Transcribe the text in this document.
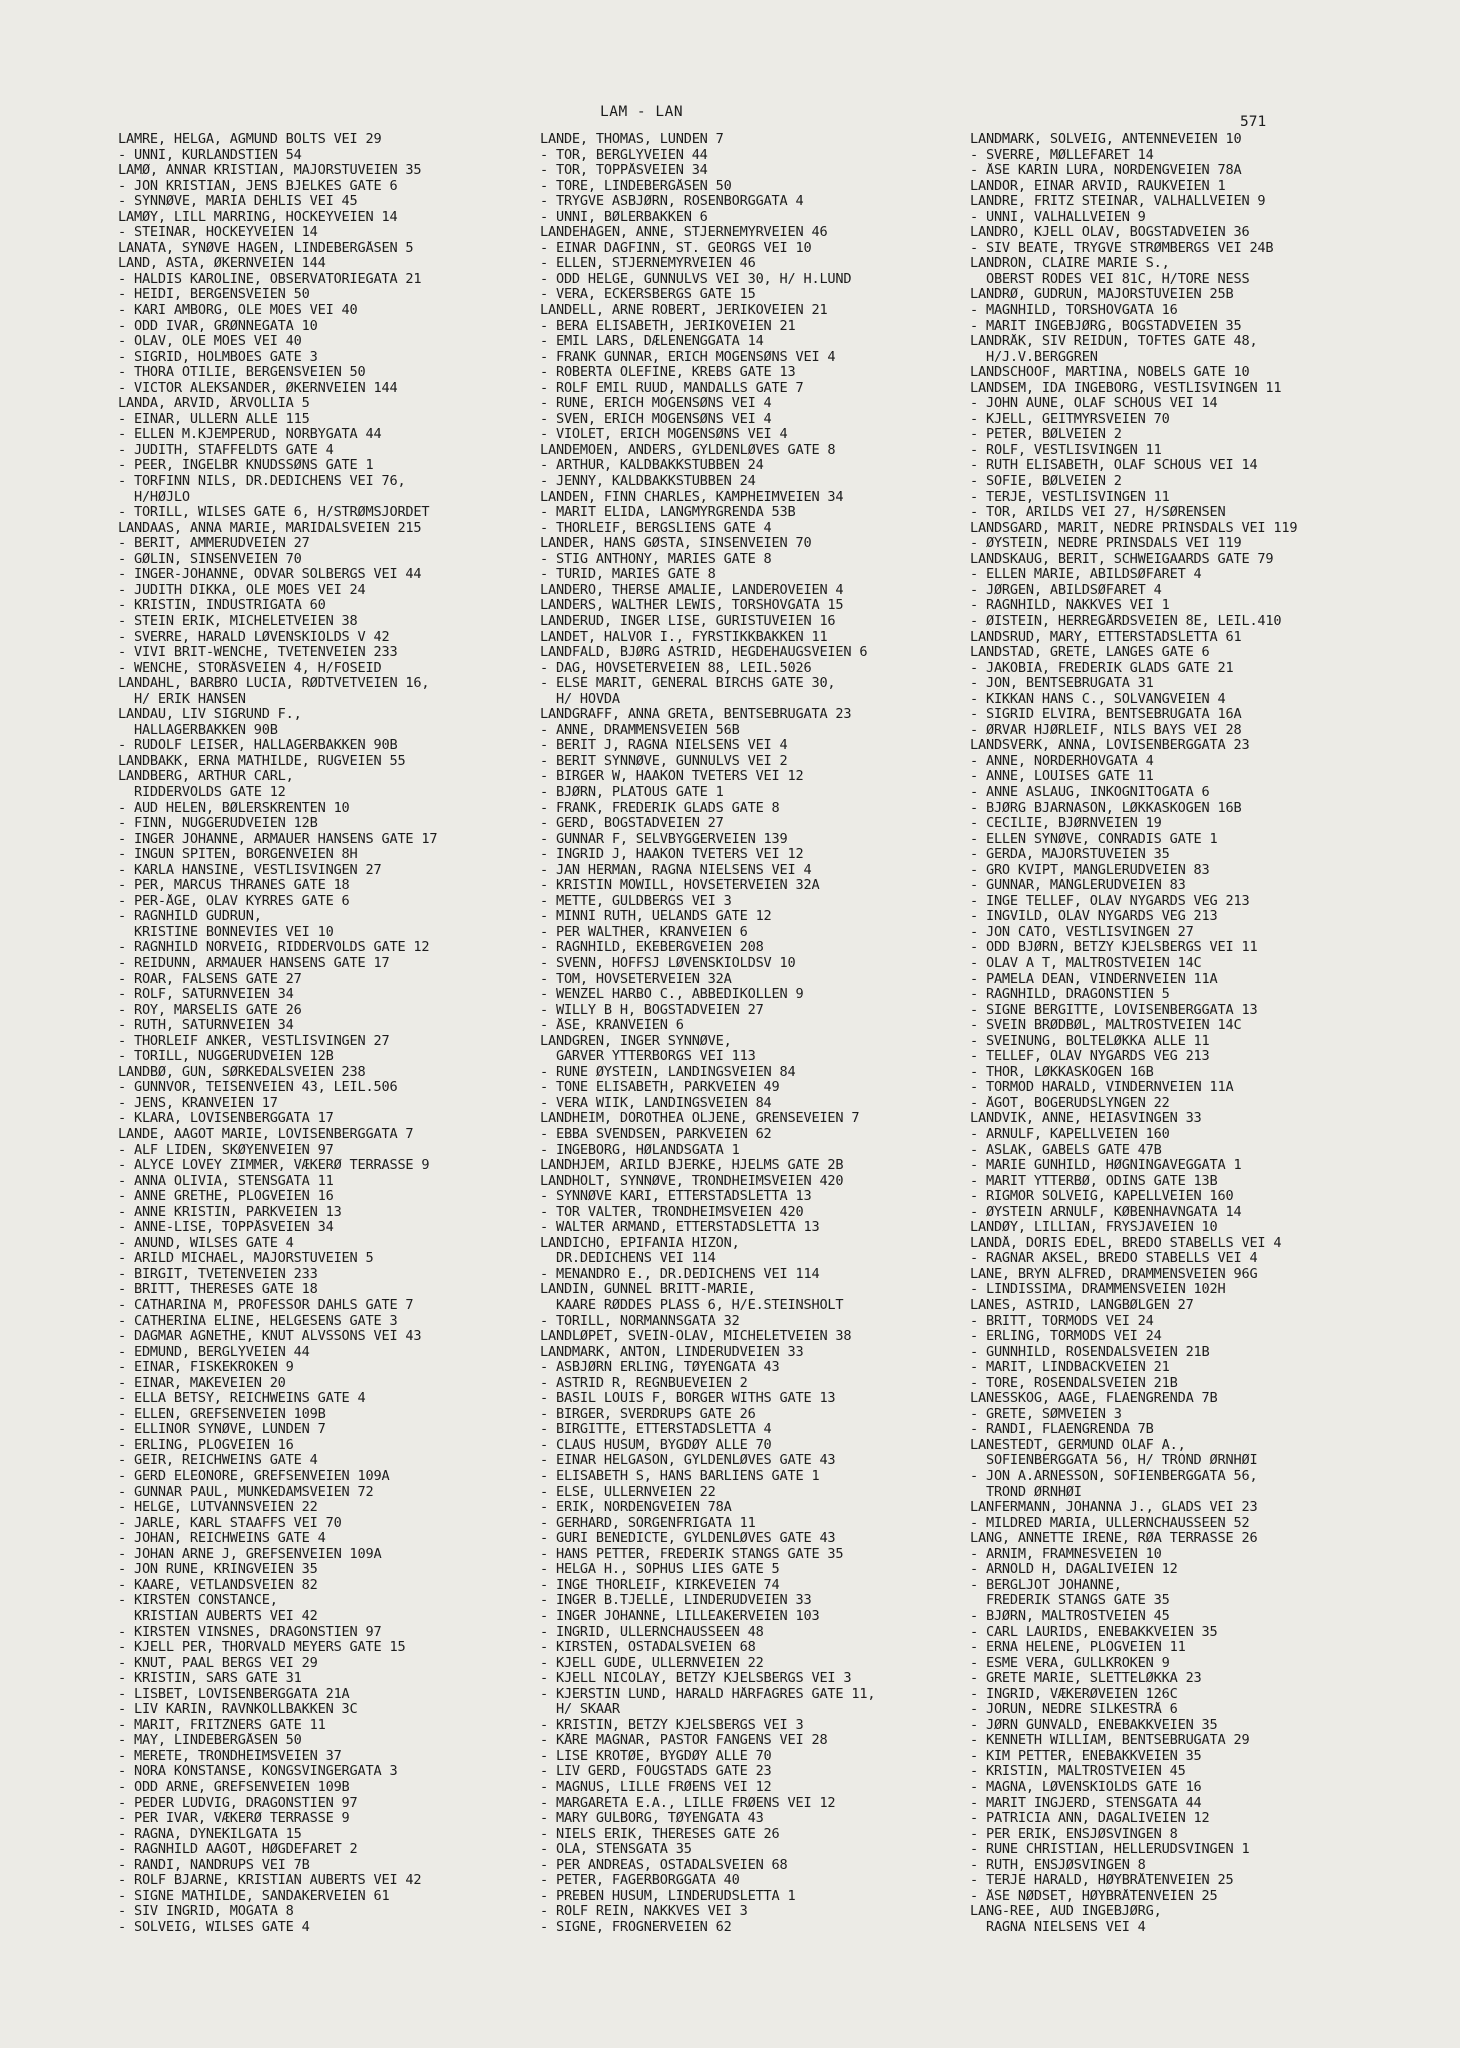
LAM - LAN
571
LAMRE, HELGA, AGMUND BOLTS VEI 29
- UNNI, KURLANDSTIEN 54
LAMØ, ANNAR KRISTIAN, MAJORSTUVEIEN 35
- JON KRISTIAN, JENS BJELKES GATE 6
- SYNNØVE, MARIA DEHLIS VEI 45
LAMØY, LILL MARRING, HOCKEYVEIEN 14
- STEINAR, HOCKEYVEIEN 14
LANATA, SYNØVE HAGEN, LINDEBERGÅSEN 5
LAND, ASTA, ØKERNVEIEN 144
- HALDIS KAROLINE, OBSERVATORIEGATA 21
- HEIDI, BERGENSVEIEN 50
- KARI AMBORG, OLE MOES VEI 40
- ODD IVAR, GRØNNEGATA 10
- OLAV, OLE MOES VEI 40
- SIGRID, HOLMBOES GATE 3
- THORA OTILIE, BERGENSVEIEN 50
- VICTOR ALEKSANDER, ØKERNVEIEN 144
LANDA, ARVID, ÅRVOLLIA 5
- EINAR, ULLERN ALLE 115
- ELLEN M.KJEMPERUD, NORBYGATA 44
- JUDITH, STAFFELDTS GATE 4
- PEER, INGELBR KNUDSSØNS GATE 1
- TORFINN NILS, DR.DEDICHENS VEI 76,
H/HØJLO
- TORILL, WILSES GATE 6, H/STRØMSJORDET
LANDAAS, ANNA MARIE, MARIDALSVEIEN 215
- BERIT, AMMERUDVEIEN 27
- GØLIN, SINSENVEIEN 70
- INGER-JOHANNE, ODVAR SOLBERGS VEI 44
- JUDITH DIKKA, OLE MOES VEI 24
- KRISTIN, INDUSTRIGATA 60
- STEIN ERIK, MICHELETVEIEN 38
- SVERRE, HARALD LØVENSKIOLDS V 42
- VIVI BRIT-WENCHE, TVETENVEIEN 233
- WENCHE, STORÅSVEIEN 4, H/FOSEID
LANDAHL, BARBRO LUCIA, RØDTVETVEIEN 16,
H/ ERIK HANSEN
LANDAU, LIV SIGRUND F.,
HALLAGERBAKKEN 90B
- RUDOLF LEISER, HALLAGERBAKKEN 90B
LANDBAKK, ERNA MATHILDE, RUGVEIEN 55
LANDBERG, ARTHUR CARL,
RIDDERVOLDS GATE 12
- AUD HELEN, BØLERSKRENTEN 10
- FINN, NUGGERUDVEIEN 12B
- INGER JOHANNE, ARMAUER HANSENS GATE 17
- INGUN SPITEN, BORGENVEIEN 8H
- KARLA HANSINE, VESTLISVINGEN 27
- PER, MARCUS THRANES GATE 18
- PER-ÅGE, OLAV KYRRES GATE 6
- RAGNHILD GUDRUN,
KRISTINE BONNEVIES VEI 10
- RAGNHILD NORVEIG, RIDDERVOLDS GATE 12
- REIDUNN, ARMAUER HANSENS GATE 17
- ROAR, FALSENS GATE 27
- ROLF, SATURNVEIEN 34
- ROY, MARSELIS GATE 26
- RUTH, SATURNVEIEN 34
- THORLEIF ANKER, VESTLISVINGEN 27
- TORILL, NUGGERUDVEIEN 12B
LANDBØ, GUN, SØRKEDALSVEIEN 238
- GUNNVOR, TEISENVEIEN 43, LEIL.506
- JENS, KRANVEIEN 17
- KLARA, LOVISENBERGGATA 17
LANDE, AAGOT MARIE, LOVISENBERGGATA 7
- ALF LIDEN, SKØYENVEIEN 97
- ALYCE LOVEY ZIMMER, VÆKERØ TERRASSE 9
- ANNA OLIVIA, STENSGATA 11
- ANNE GRETHE, PLOGVEIEN 16
- ANNE KRISTIN, PARKVEIEN 13
- ANNE-LISE, TOPPÅSVEIEN 34
- ANUND, WILSES GATE 4
- ARILD MICHAEL, MAJORSTUVEIEN 5
- BIRGIT, TVETENVEIEN 233
- BRITT, THERESES GATE 18
- CATHARINA M, PROFESSOR DAHLS GATE 7
- CATHERINA ELINE, HELGESENS GATE 3
- DAGMAR AGNETHE, KNUT ALVSSONS VEI 43
- EDMUND, BERGLYVEIEN 44
- EINAR, FISKEKROKEN 9
- EINAR, MAKEVEIEN 20
- ELLA BETSY, REICHWEINS GATE 4
- ELLEN, GREFSENVEIEN 109B
- ELLINOR SYNØVE, LUNDEN 7
- ERLING, PLOGVEIEN 16
- GEIR, REICHWEINS GATE 4
- GERD ELEONORE, GREFSENVEIEN 109A
- GUNNAR PAUL, MUNKEDAMSVEIEN 72
- HELGE, LUTVANNSVEIEN 22
- JARLE, KARL STAAFFS VEI 70
- JOHAN, REICHWEINS GATE 4
- JOHAN ARNE J, GREFSENVEIEN 109A
- JON RUNE, KRINGVEIEN 35
- KAARE, VETLANDSVEIEN 82
- KIRSTEN CONSTANCE,
KRISTIAN AUBERTS VEI 42
- KIRSTEN VINSNES, DRAGONSTIEN 97
- KJELL PER, THORVALD MEYERS GATE 15
- KNUT, PAAL BERGS VEI 29
- KRISTIN, SARS GATE 31
- LISBET, LOVISENBERGGATA 21A
- LIV KARIN, RAVNKOLLBAKKEN 3C
- MARIT, FRITZNERS GATE 11
- MAY, LINDEBERGÅSEN 50
- MERETE, TRONDHEIMSVEIEN 37
- NORA KONSTANSE, KONGSVINGERGATA 3
- ODD ARNE, GREFSENVEIEN 109B
- PEDER LUDVIG, DRAGONSTIEN 97
- PER IVAR, VÆKERØ TERRASSE 9
- RAGNA, DYNEKILGATA 15
- RAGNHILD AAGOT, HØGDEFARET 2
- RANDI, NANDRUPS VEI 7B
- ROLF BJARNE, KRISTIAN AUBERTS VEI 42
- SIGNE MATHILDE, SANDAKERVEIEN 61
- SIV INGRID, MOGATA 8
- SOLVEIG, WILSES GATE 4
LANDE, THOMAS, LUNDEN 7
- TOR, BERGLYVEIEN 44
- TOR, TOPPÅSVEIEN 34
- TORE, LINDEBERGÅSEN 50
- TRYGVE ASBJØRN, ROSENBORGGATA 4
- UNNI, BØLERBAKKEN 6
LANDEHAGEN, ANNE, STJERNEMYRVEIEN 46
- EINAR DAGFINN, ST. GEORGS VEI 10
- ELLEN, STJERNEMYRVEIEN 46
- ODD HELGE, GUNNULVS VEI 30, H/ H.LUND
- VERA, ECKERSBERGS GATE 15
LANDELL, ARNE ROBERT, JERIKOVEIEN 21
- BERA ELISABETH, JERIKOVEIEN 21
- EMIL LARS, DÆLENENGGATA 14
- FRANK GUNNAR, ERICH MOGENSØNS VEI 4
- ROBERTA OLEFINE, KREBS GATE 13
- ROLF EMIL RUUD, MANDALLS GATE 7
- RUNE, ERICH MOGENSØNS VEI 4
- SVEN, ERICH MOGENSØNS VEI 4
- VIOLET, ERICH MOGENSØNS VEI 4
LANDEMOEN, ANDERS, GYLDENLØVES GATE 8
- ARTHUR, KALDBAKKSTUBBEN 24
- JENNY, KALDBAKKSTUBBEN 24
LANDEN, FINN CHARLES, KAMPHEIMVEIEN 34
- MARIT ELIDA, LANGMYRGRENDA 53B
- THORLEIF, BERGSLIENS GATE 4
LANDER, HANS GØSTA, SINSENVEIEN 70
- STIG ANTHONY, MARIES GATE 8
- TURID, MARIES GATE 8
LANDERO, THERSE AMALIE, LANDEROVEIEN 4
LANDERS, WALTHER LEWIS, TORSHOVGATA 15
LANDERUD, INGER LISE, GURISTUVEIEN 16
LANDET, HALVOR I., FYRSTIKKBAKKEN 11
LANDFALD, BJØRG ASTRID, HEGDEHAUGSVEIEN 6
- DAG, HOVSETERVEIEN 88, LEIL.5026
- ELSE MARIT, GENERAL BIRCHS GATE 30,
H/ HOVDA
LANDGRAFF, ANNA GRETA, BENTSEBRUGATA 23
- ANNE, DRAMMENSVEIEN 56B
- BERIT J, RAGNA NIELSENS VEI 4
- BERIT SYNNØVE, GUNNULVS VEI 2
- BIRGER W, HAAKON TVETERS VEI 12
- BJØRN, PLATOUS GATE 1
- FRANK, FREDERIK GLADS GATE 8
- GERD, BOGSTADVEIEN 27
- GUNNAR F, SELVBYGGERVEIEN 139
- INGRID J, HAAKON TVETERS VEI 12
- JAN HERMAN, RAGNA NIELSENS VEI 4
- KRISTIN MOWILL, HOVSETERVEIEN 32A
- METTE, GULDBERGS VEI 3
- MINNI RUTH, UELANDS GATE 12
- PER WALTHER, KRANVEIEN 6
- RAGNHILD, EKEBERGVEIEN 208
- SVENN, HOFFSJ LØVENSKIOLDSV 10
- TOM, HOVSETERVEIEN 32A
- WENZEL HARBO C., ABBEDIKOLLEN 9
- WILLY B H, BOGSTADVEIEN 27
- ÅSE, KRANVEIEN 6
LANDGREN, INGER SYNNØVE,
GARVER YTTERBORGS VEI 113
- RUNE ØYSTEIN, LANDINGSVEIEN 84
- TONE ELISABETH, PARKVEIEN 49
- VERA WIIK, LANDINGSVEIEN 84
LANDHEIM, DOROTHEA OLJENE, GRENSEVEIEN 7
- EBBA SVENDSEN, PARKVEIEN 62
- INGEBORG, HØLANDSGATA 1
LANDHJEM, ARILD BJERKE, HJELMS GATE 2B
LANDHOLT, SYNNØVE, TRONDHEIMSVEIEN 420
- SYNNØVE KARI, ETTERSTADSLETTA 13
- TOR VALTER, TRONDHEIMSVEIEN 420
- WALTER ARMAND, ETTERSTADSLETTA 13
LANDICHO, EPIFANIA HIZON,
DR.DEDICHENS VEI 114
- MENANDRO E., DR.DEDICHENS VEI 114
LANDIN, GUNNEL BRITT-MARIE,
KAARE RØDDES PLASS 6, H/E.STEINSHOLT
- TORILL, NORMANNSGATA 32
LANDLØPET, SVEIN-OLAV, MICHELETVEIEN 38
LANDMARK, ANTON, LINDERUDVEIEN 33
- ASBJØRN ERLING, TØYENGATA 43
- ASTRID R, REGNBUEVEIEN 2
- BASIL LOUIS F, BORGER WITHS GATE 13
- BIRGER, SVERDRUPS GATE 26
- BIRGITTE, ETTERSTADSLETTA 4
- CLAUS HUSUM, BYGDØY ALLE 70
- EINAR HELGASON, GYLDENLØVES GATE 43
- ELISABETH S, HANS BARLIENS GATE 1
- ELSE, ULLERNVEIEN 22
- ERIK, NORDENGVEIEN 78A
- GERHARD, SORGENFRIGATA 11
- GURI BENEDICTE, GYLDENLØVES GATE 43
- HANS PETTER, FREDERIK STANGS GATE 35
- HELGA H., SOPHUS LIES GATE 5
- INGE THORLEIF, KIRKEVEIEN 74
- INGER B.TJELLE, LINDERUDVEIEN 33
- INGER JOHANNE, LILLEAKERVEIEN 103
- INGRID, ULLERNCHAUSSEEN 48
- KIRSTEN, OSTADALSVEIEN 68
- KJELL GUDE, ULLERNVEIEN 22
- KJELL NICOLAY, BETZY KJELSBERGS VEI 3
- KJERSTIN LUND, HARALD HÅRFAGRES GATE 11,
H/ SKAAR
- KRISTIN, BETZY KJELSBERGS VEI 3
- KÅRE MAGNAR, PASTOR FANGENS VEI 28
- LISE KROTØE, BYGDØY ALLE 70
- LIV GERD, FOUGSTADS GATE 23
- MAGNUS, LILLE FRØENS VEI 12
- MARGARETA E.A., LILLE FRØENS VEI 12
- MARY GULBORG, TØYENGATA 43
- NIELS ERIK, THERESES GATE 26
- OLA, STENSGATA 35
- PER ANDREAS, OSTADALSVEIEN 68
- PETER, FAGERBORGGATA 40
- PREBEN HUSUM, LINDERUDSLETTA 1
- ROLF REIN, NAKKVES VEI 3
- SIGNE, FROGNERVEIEN 62
LANDMARK, SOLVEIG, ANTENNEVEIEN 10
- SVERRE, MØLLEFARET 14
- ÅSE KARIN LURA, NORDENGVEIEN 78A
LANDOR, EINAR ARVID, RAUKVEIEN 1
LANDRE, FRITZ STEINAR, VALHALLVEIEN 9
- UNNI, VALHALLVEIEN 9
LANDRO, KJELL OLAV, BOGSTADVEIEN 36
- SIV BEATE, TRYGVE STRØMBERGS VEI 24B
LANDRON, CLAIRE MARIE S.,
OBERST RODES VEI 81C, H/TORE NESS
LANDRØ, GUDRUN, MAJORSTUVEIEN 25B
- MAGNHILD, TORSHOVGATA 16
- MARIT INGEBJØRG, BOGSTADVEIEN 35
LANDRÅK, SIV REIDUN, TOFTES GATE 48,
H/J.V.BERGGREN
LANDSCHOOF, MARTINA, NOBELS GATE 10
LANDSEM, IDA INGEBORG, VESTLISVINGEN 11
- JOHN AUNE, OLAF SCHOUS VEI 14
- KJELL, GEITMYRSVEIEN 70
- PETER, BØLVEIEN 2
- ROLF, VESTLISVINGEN 11
- RUTH ELISABETH, OLAF SCHOUS VEI 14
- SOFIE, BØLVEIEN 2
- TERJE, VESTLISVINGEN 11
- TOR, ARILDS VEI 27, H/SØRENSEN
LANDSGARD, MARIT, NEDRE PRINSDALS VEI 119
- ØYSTEIN, NEDRE PRINSDALS VEI 119
LANDSKAUG, BERIT, SCHWEIGAARDS GATE 79
- ELLEN MARIE, ABILDSØFARET 4
- JØRGEN, ABILDSØFARET 4
- RAGNHILD, NAKKVES VEI 1
- ØISTEIN, HERREGÅRDSVEIEN 8E, LEIL.410
LANDSRUD, MARY, ETTERSTADSLETTA 61
LANDSTAD, GRETE, LANGES GATE 6
- JAKOBIA, FREDERIK GLADS GATE 21
- JON, BENTSEBRUGATA 31
- KIKKAN HANS C., SOLVANGVEIEN 4
- SIGRID ELVIRA, BENTSEBRUGATA 16A
- ØRVAR HJØRLEIF, NILS BAYS VEI 28
LANDSVERK, ANNA, LOVISENBERGGATA 23
- ANNE, NORDERHOVGATA 4
- ANNE, LOUISES GATE 11
- ANNE ASLAUG, INKOGNITOGATA 6
- BJØRG BJARNASON, LØKKASKOGEN 16B
- CECILIE, BJØRNVEIEN 19
- ELLEN SYNØVE, CONRADIS GATE 1
- GERDA, MAJORSTUVEIEN 35
- GRO KVIPT, MANGLERUDVEIEN 83
- GUNNAR, MANGLERUDVEIEN 83
- INGE TELLEF, OLAV NYGARDS VEG 213
- INGVILD, OLAV NYGARDS VEG 213
- JON CATO, VESTLISVINGEN 27
- ODD BJØRN, BETZY KJELSBERGS VEI 11
- OLAV A T, MALTROSTVEIEN 14C
- PAMELA DEAN, VINDERNVEIEN 11A
- RAGNHILD, DRAGONSTIEN 5
- SIGNE BERGITTE, LOVISENBERGGATA 13
- SVEIN BRØDBØL, MALTROSTVEIEN 14C
- SVEINUNG, BOLTELØKKA ALLE 11
- TELLEF, OLAV NYGARDS VEG 213
- THOR, LØKKASKOGEN 16B
- TORMOD HARALD, VINDERNVEIEN 11A
- ÅGOT, BOGERUDSLYNGEN 22
LANDVIK, ANNE, HEIASVINGEN 33
- ARNULF, KAPELLVEIEN 160
- ASLAK, GABELS GATE 47B
- MARIE GUNHILD, HØGNINGAVEGGATA 1
- MARIT YTTERBØ, ODINS GATE 13B
- RIGMOR SOLVEIG, KAPELLVEIEN 160
- ØYSTEIN ARNULF, KØBENHAVNGATA 14
LANDØY, LILLIAN, FRYSJAVEIEN 10
LANDÅ, DORIS EDEL, BREDO STABELLS VEI 4
- RAGNAR AKSEL, BREDO STABELLS VEI 4
LANE, BRYN ALFRED, DRAMMENSVEIEN 96G
- LINDISSIMA, DRAMMENSVEIEN 102H
LANES, ASTRID, LANGBØLGEN 27
- BRITT, TORMODS VEI 24
- ERLING, TORMODS VEI 24
- GUNNHILD, ROSENDALSVEIEN 21B
- MARIT, LINDBACKVEIEN 21
- TORE, ROSENDALSVEIEN 21B
LANESSKOG, AAGE, FLAENGRENDA 7B
- GRETE, SØMVEIEN 3
- RANDI, FLAENGRENDA 7B
LANESTEDT, GERMUND OLAF A.,
SOFIENBERGGATA 56, H/ TROND ØRNHØI
- JON A.ARNESSON, SOFIENBERGGATA 56,
TROND ØRNHØI
LANFERMANN, JOHANNA J., GLADS VEI 23
- MILDRED MARIA, ULLERNCHAUSSEEN 52
LANG, ANNETTE IRENE, RØA TERRASSE 26
- ARNIM, FRAMNESVEIEN 10
- ARNOLD H, DAGALIVEIEN 12
- BERGLJOT JOHANNE,
FREDERIK STANGS GATE 35
- BJØRN, MALTROSTVEIEN 45
- CARL LAURIDS, ENEBAKKVEIEN 35
- ERNA HELENE, PLOGVEIEN 11
- ESME VERA, GULLKROKEN 9
- GRETE MARIE, SLETTELØKKA 23
- INGRID, VÆKERØVEIEN 126C
- JORUN, NEDRE SILKESTRÅ 6
- JØRN GUNVALD, ENEBAKKVEIEN 35
- KENNETH WILLIAM, BENTSEBRUGATA 29
- KIM PETTER, ENEBAKKVEIEN 35
- KRISTIN, MALTROSTVEIEN 45
- MAGNA, LØVENSKIOLDS GATE 16
- MARIT INGJERD, STENSGATA 44
- PATRICIA ANN, DAGALIVEIEN 12
- PER ERIK, ENSJØSVINGEN 8
- RUNE CHRISTIAN, HELLERUDSVINGEN 1
- RUTH, ENSJØSVINGEN 8
- TERJE HARALD, HØYBRÅTENVEIEN 25
- ÅSE NØDSET, HØYBRÅTENVEIEN 25
LANG-REE, AUD INGEBJØRG,
RAGNA NIELSENS VEI 4
